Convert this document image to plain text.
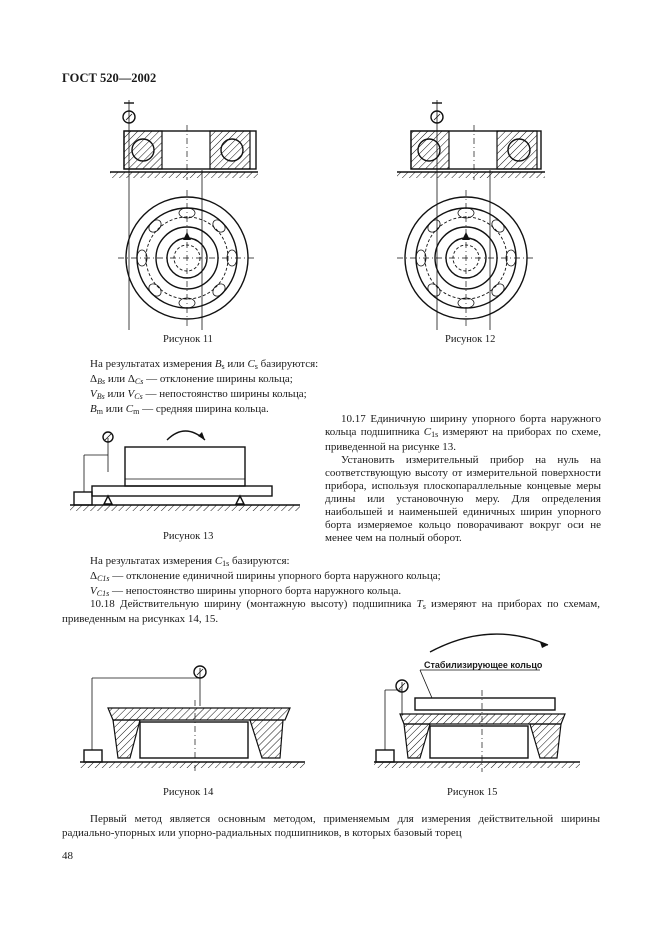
ГОСТ 520—2002
Рисунок 11	Рисунок 12
На результатах измерения $B_s$ или $C_s$ базируются:
$\Delta_{Bs}$ или $\Delta_{Cs}$ — отклонение ширины кольца;
$V_{Bs}$ или $V_{Cs}$ — непостоянство ширины кольца;
$B_m$ или $C_m$ — средняя ширина кольца.
10.17 Единичную ширину упорного борта наружного кольца подшипника $C_{1s}$ измеряют на приборах по схеме, приведенной на рисунке 13.
Установить измерительный прибор на нуль на соответствующую высоту от измерительной поверхности прибора, используя плоскопараллельные концевые меры длины или установочную меру. Для определения наибольшей и наименьшей единичных ширин упорного борта измеряемое кольцо поворачивают вокруг оси не менее чем на полный оборот.
Рисунок 13
На результатах измерения $C_{1s}$ базируются:
$\Delta_{C1s}$ — отклонение единичной ширины упорного борта наружного кольца;
$V_{C1s}$ — непостоянство ширины упорного борта наружного кольца.
10.18 Действительную ширину (монтажную высоту) подшипника $T_s$ измеряют на приборах по схемам, приведенным на рисунках 14, 15.
Стабилизирующее кольцо
Рисунок 14	Рисунок 15
Первый метод является основным методом, применяемым для измерения действительной ширины радиально-упорных или упорно-радиальных подшипников, в которых базовый торец
48
